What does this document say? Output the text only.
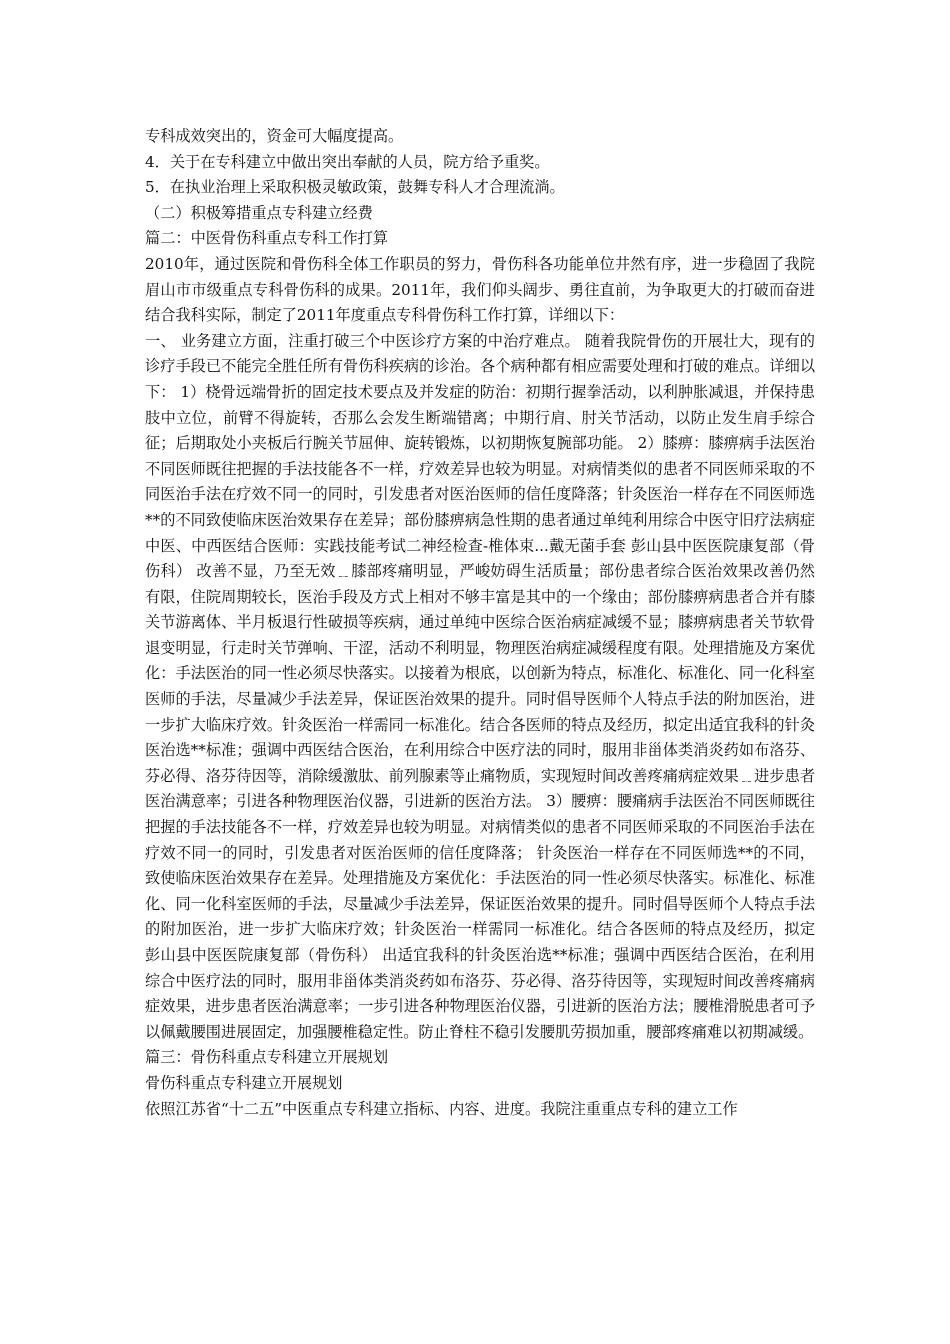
专科成效突出的，资金可大幅度提高。

4．关于在专科建立中做出突出奉献的人员，院方给予重奖。

5．在执业治理上采取积极灵敏政策，鼓舞专科人才合理流淌。

（二）积极筹措重点专科建立经费

篇二：中医骨伤科重点专科工作打算

2010年，通过医院和骨伤科全体工作职员的努力，骨伤科各功能单位井然有序，进一步稳固了我院眉山市市级重点专科骨伤科的成果。2011年，我们仰头阔步、勇往直前，为争取更大的打破而奋进结合我科实际，制定了2011年度重点专科骨伤科工作打算，详细以下：

一、 业务建立方面，注重打破三个中医诊疗方案的中治疗难点。 随着我院骨伤的开展壮大，现有的诊疗手段已不能完全胜任所有骨伤科疾病的诊治。各个病种都有相应需要处理和打破的难点。详细以下： 1）桡骨远端骨折的固定技术要点及并发症的防治：初期行握拳活动，以利肿胀减退，并保持患肢中立位，前臂不得旋转，否那么会发生断端错离；中期行肩、肘关节活动，以防止发生肩手综合征；后期取处小夹板后行腕关节屈伸、旋转锻炼，以初期恢复腕部功能。 2）膝痹：膝痹病手法医治不同医师既往把握的手法技能各不一样，疗效差异也较为明显。对病情类似的患者不同医师采取的不同医治手法在疗效不同一的同时，引发患者对医治医师的信任度降落；针灸医治一样存在不同医师选**的不同致使临床医治效果存在差异；部份膝痹病急性期的患者通过单纯利用综合中医守旧疗法病症 中医、中西医结合医师：实践技能考试二神经检查-椎体束...戴无菌手套 彭山县中医医院康复部（骨伤科） 改善不显，乃至无效﹎膝部疼痛明显，严峻妨碍生活质量；部份患者综合医治效果改善仍然有限，住院周期较长，医治手段及方式上相对不够丰富是其中的一个缘由；部份膝痹病患者合并有膝关节游离体、半月板退行性破损等疾病，通过单纯中医综合医治病症减缓不显；膝痹病患者关节软骨退变明显，行走时关节弹响、干涩，活动不利明显，物理医治病症减缓程度有限。处理措施及方案优化：手法医治的同一性必须尽快落实。以接着为根底，以创新为特点，标准化、标准化、同一化科室医师的手法，尽量减少手法差异，保证医治效果的提升。同时倡导医师个人特点手法的附加医治，进一步扩大临床疗效。针灸医治一样需同一标准化。结合各医师的特点及经历，拟定出适宜我科的针灸医治选**标准；强调中西医结合医治，在利用综合中医疗法的同时，服用非甾体类消炎药如布洛芬、芬必得、洛芬待因等，消除缓激肽、前列腺素等止痛物质，实现短时间改善疼痛病症效果﹎进步患者医治满意率；引进各种物理医治仪器，引进新的医治方法。 3）腰痹：腰痛病手法医治不同医师既往把握的手法技能各不一样，疗效差异也较为明显。对病情类似的患者不同医师采取的不同医治手法在疗效不同一的同时，引发患者对医治医师的信任度降落； 针灸医治一样存在不同医师选**的不同，致使临床医治效果存在差异。处理措施及方案优化：手法医治的同一性必须尽快落实。标准化、标准化、同一化科室医师的手法，尽量减少手法差异，保证医治效果的提升。同时倡导医师个人特点手法的附加医治，进一步扩大临床疗效；针灸医治一样需同一标准化。结合各医师的特点及经历，拟定 彭山县中医医院康复部（骨伤科） 出适宜我科的针灸医治选**标准；强调中西医结合医治，在利用综合中医疗法的同时，服用非甾体类消炎药如布洛芬、芬必得、洛芬待因等，实现短时间改善疼痛病症效果，进步患者医治满意率；一步引进各种物理医治仪器，引进新的医治方法；腰椎滑脱患者可予以佩戴腰围进展固定，加强腰椎稳定性。防止脊柱不稳引发腰肌劳损加重，腰部疼痛难以初期减缓。

篇三：骨伤科重点专科建立开展规划

骨伤科重点专科建立开展规划

依照江苏省“十二五”中医重点专科建立指标、内容、进度。我院注重重点专科的建立工作
